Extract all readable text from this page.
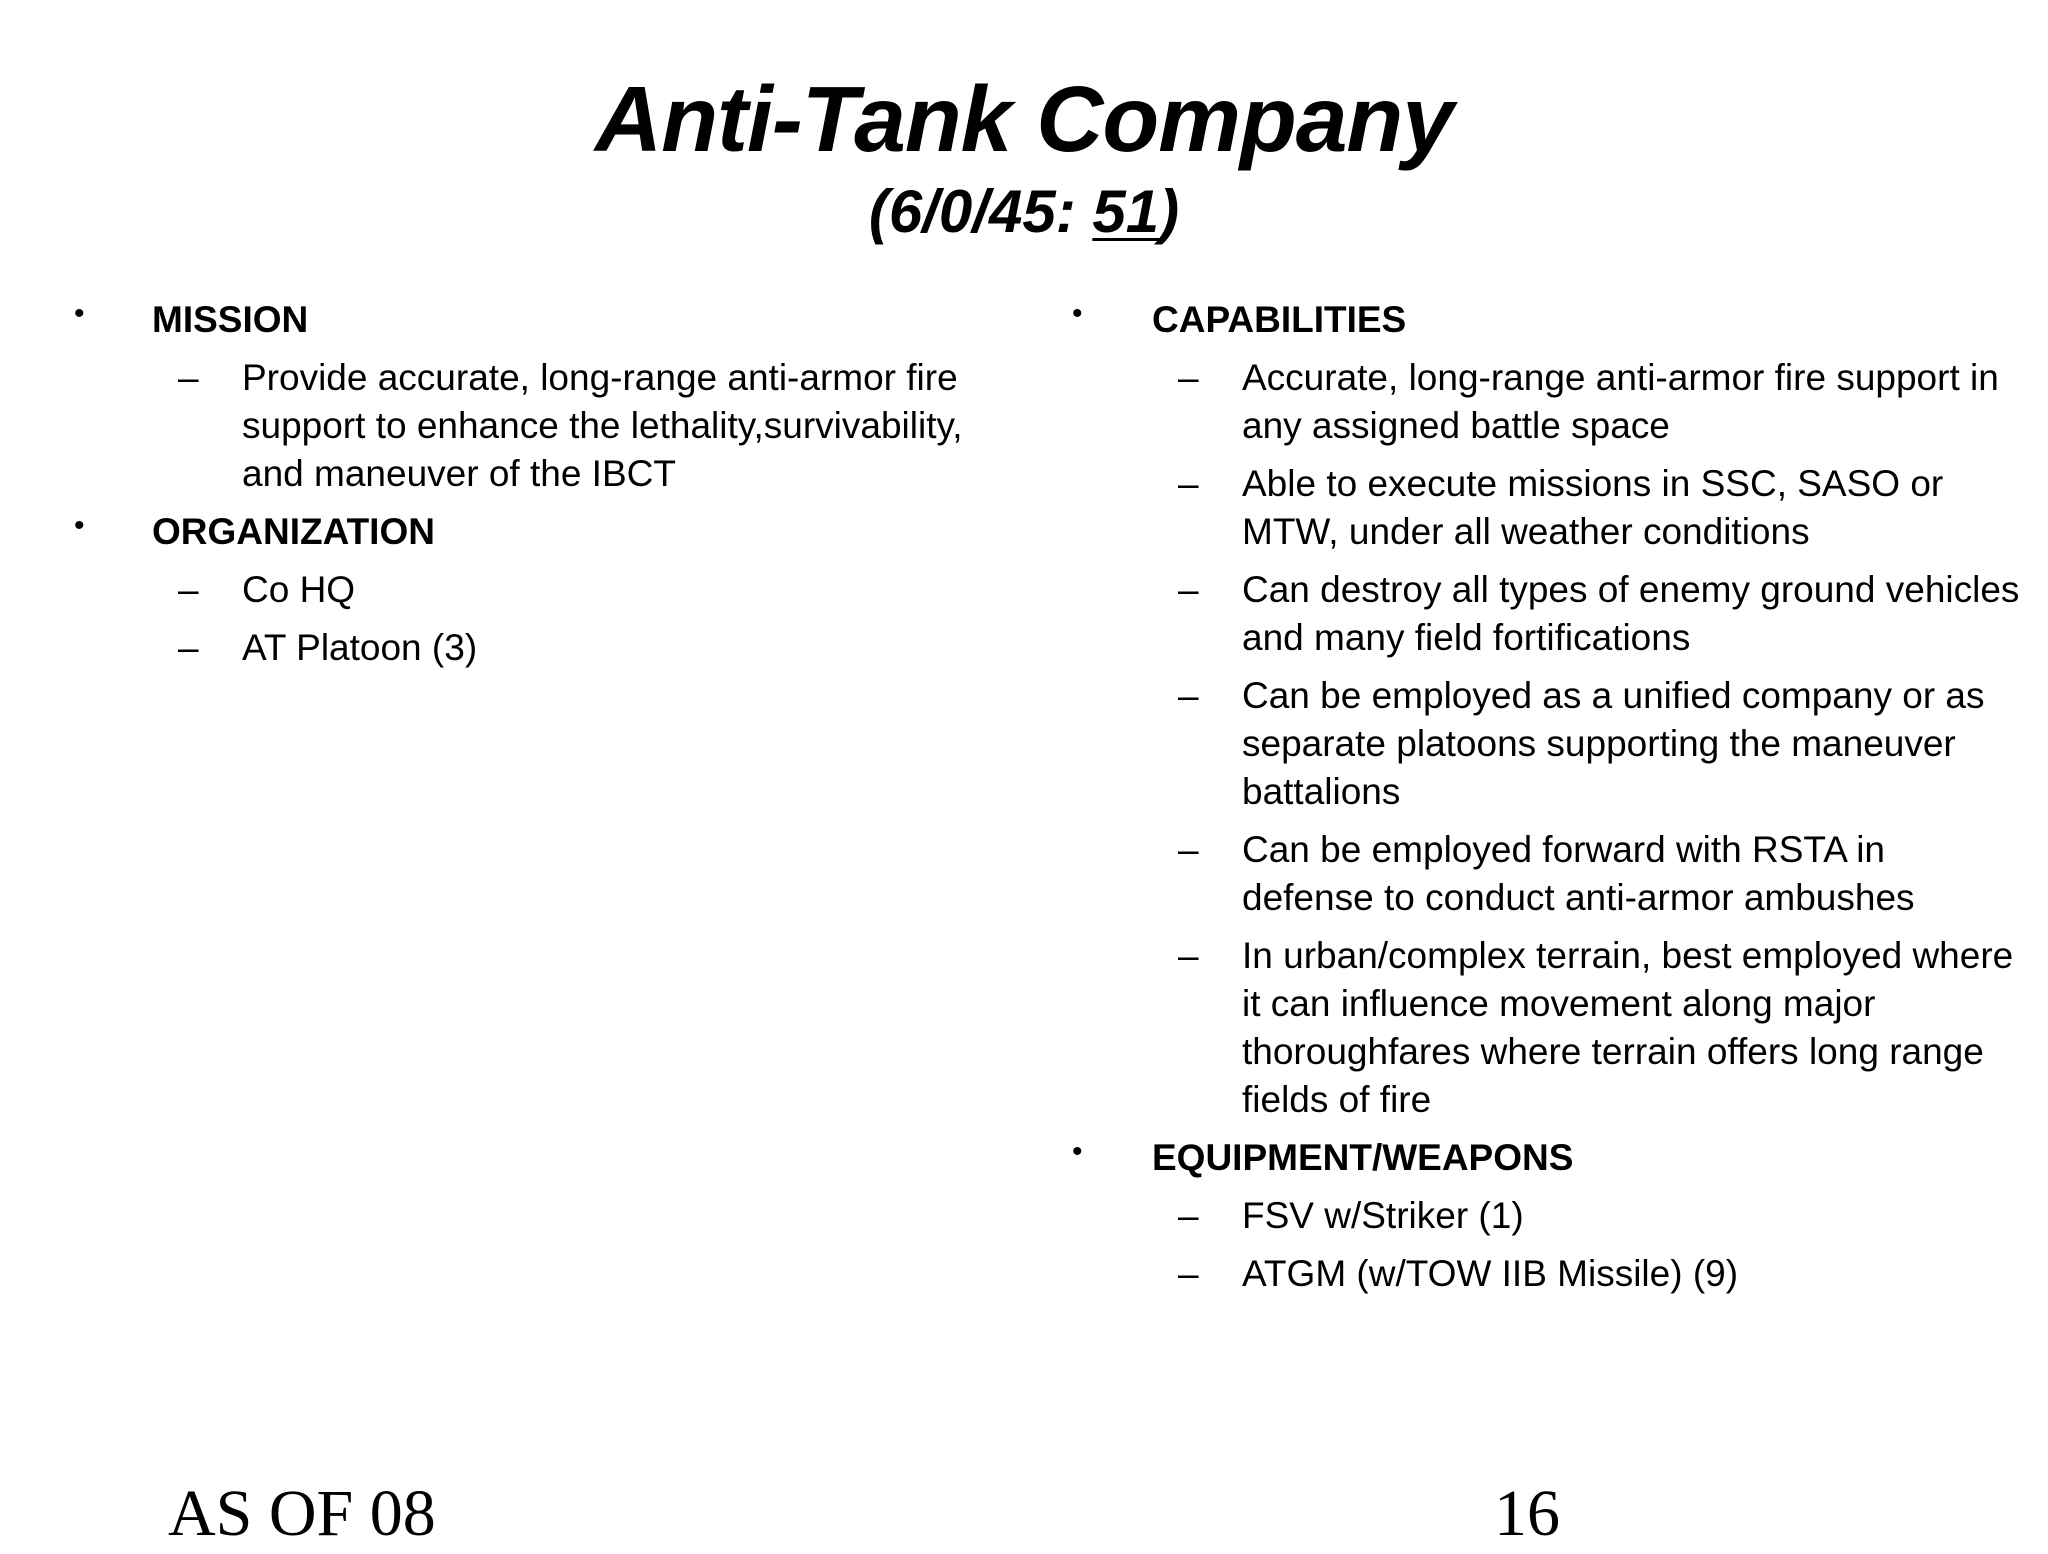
Anti-Tank Company

(6/0/45: 51)

• MISSION
– Provide accurate, long-range anti-armor fire support to enhance the lethality,survivability, and maneuver of the IBCT
• ORGANIZATION
– Co HQ
– AT Platoon (3)
• CAPABILITIES
– Accurate, long-range anti-armor fire support in any assigned battle space
– Able to execute missions in SSC, SASO or MTW, under all weather conditions
– Can destroy all types of enemy ground vehicles and many field fortifications
– Can be employed as a unified company or as separate platoons supporting the maneuver battalions
– Can be employed forward with RSTA in defense to conduct anti-armor ambushes
– In urban/complex terrain, best employed where it can influence movement along major thoroughfares where terrain offers long range fields of fire
• EQUIPMENT/WEAPONS
– FSV w/Striker (1)
– ATGM (w/TOW IIB Missile) (9)

AS OF 08	16
